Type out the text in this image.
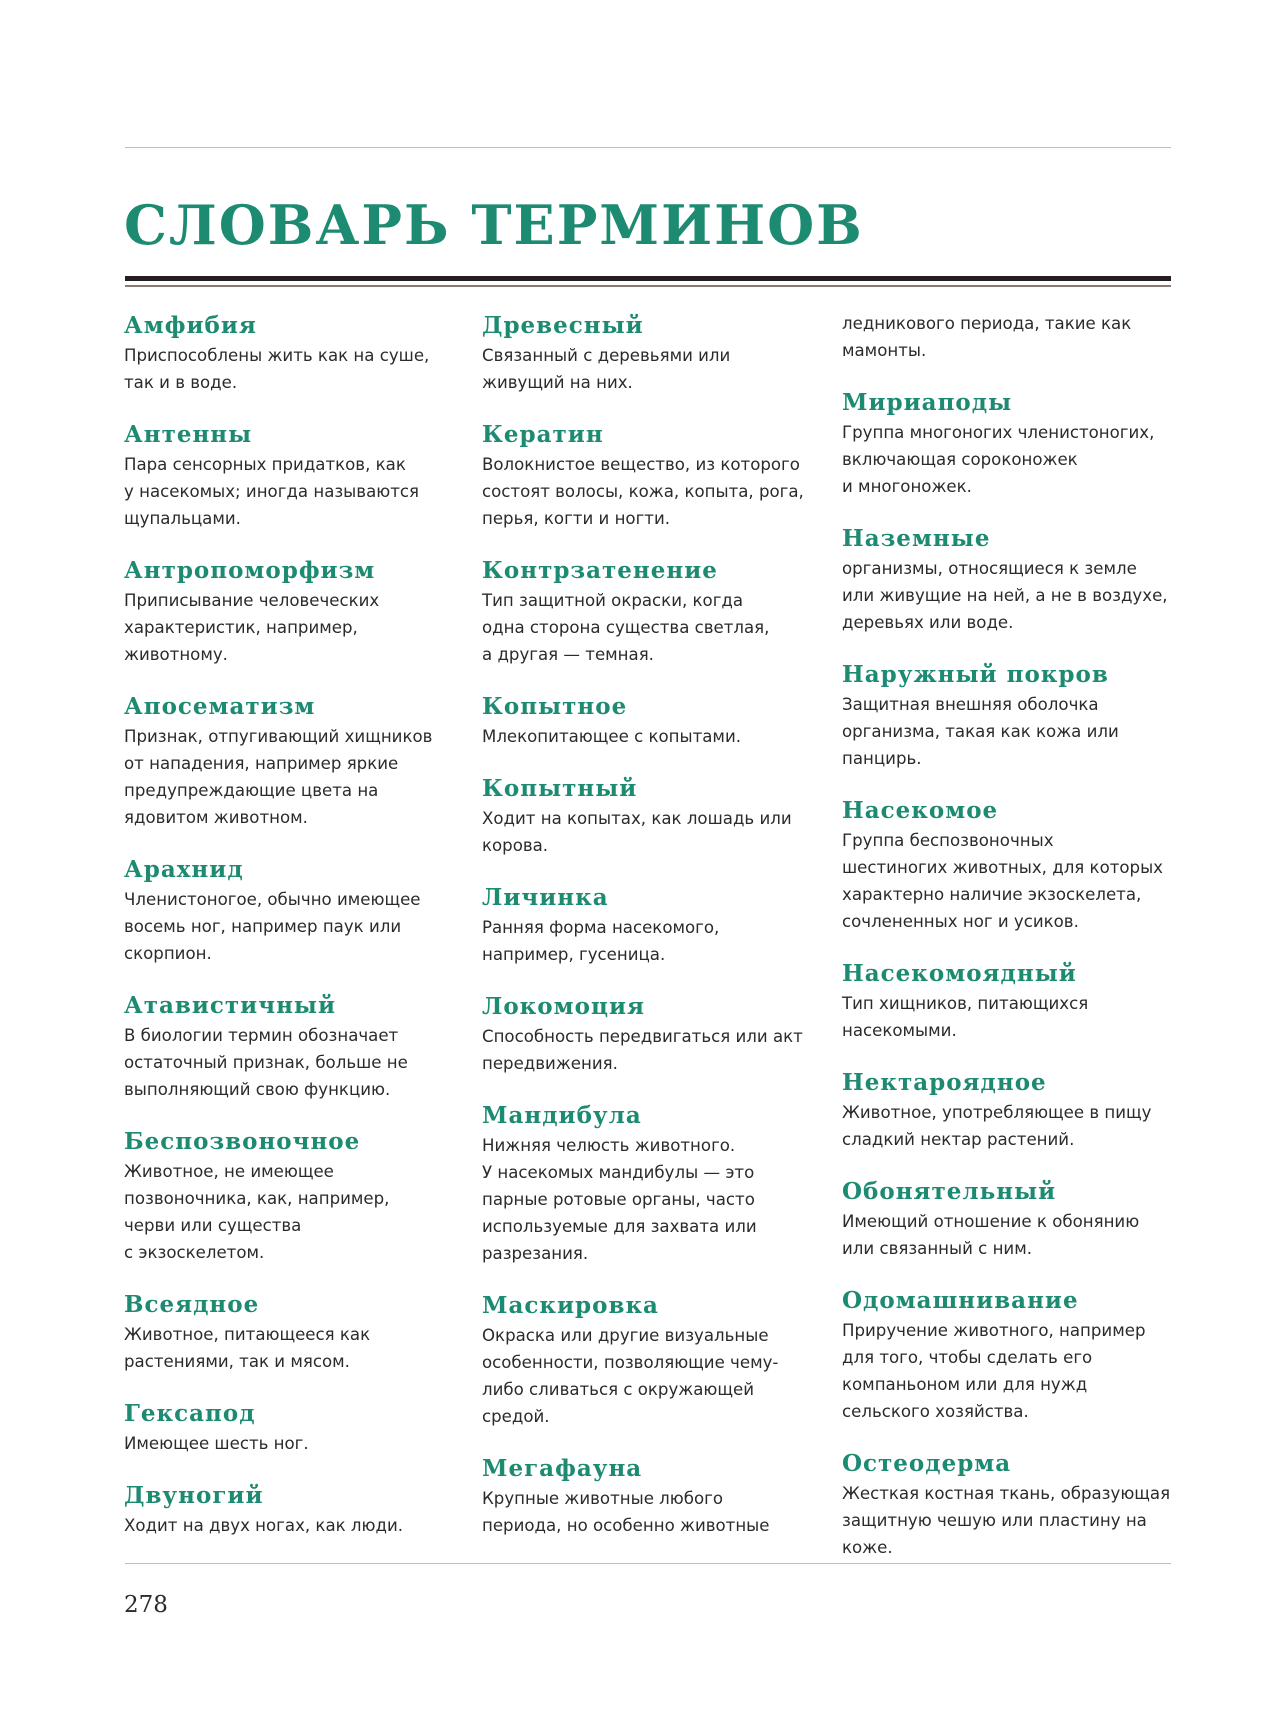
СЛОВАРЬ ТЕРМИНОВ
Амфибия
Приспособлены жить как на суше,
так и в воде.
Антенны
Пара сенсорных придатков, как
у насекомых; иногда называются
щупальцами.
Антропоморфизм
Приписывание человеческих
характеристик, например,
животному.
Апосематизм
Признак, отпугивающий хищников
от нападения, например яркие
предупреждающие цвета на
ядовитом животном.
Арахнид
Членистоногое, обычно имеющее
восемь ног, например паук или
скорпион.
Атавистичный
В биологии термин обозначает
остаточный признак, больше не
выполняющий свою функцию.
Беспозвоночное
Животное, не имеющее
позвоночника, как, например,
черви или существа
с экзоскелетом.
Всеядное
Животное, питающееся как
растениями, так и мясом.
Гексапод
Имеющее шесть ног.
Двуногий
Ходит на двух ногах, как люди.
Древесный
Связанный с деревьями или
живущий на них.
Кератин
Волокнистое вещество, из которого
состоят волосы, кожа, копыта, рога,
перья, когти и ногти.
Контрзатенение
Тип защитной окраски, когда
одна сторона существа светлая,
а другая — темная.
Копытное
Млекопитающее с копытами.
Копытный
Ходит на копытах, как лошадь или
корова.
Личинка
Ранняя форма насекомого,
например, гусеница.
Локомоция
Способность передвигаться или акт
передвижения.
Мандибула
Нижняя челюсть животного.
У насекомых мандибулы — это
парные ротовые органы, часто
используемые для захвата или
разрезания.
Маскировка
Окраска или другие визуальные
особенности, позволяющие чему-
либо сливаться с окружающей
средой.
Мегафауна
Крупные животные любого
периода, но особенно животные
ледникового периода, такие как
мамонты.
Мириаподы
Группа многоногих членистоногих,
включающая сороконожек
и многоножек.
Наземные
организмы, относящиеся к земле
или живущие на ней, а не в воздухе,
деревьях или воде.
Наружный покров
Защитная внешняя оболочка
организма, такая как кожа или
панцирь.
Насекомое
Группа беспозвоночных
шестиногих животных, для которых
характерно наличие экзоскелета,
сочлененных ног и усиков.
Насекомоядный
Тип хищников, питающихся
насекомыми.
Нектароядное
Животное, употребляющее в пищу
сладкий нектар растений.
Обонятельный
Имеющий отношение к обонянию
или связанный с ним.
Одомашнивание
Приручение животного, например
для того, чтобы сделать его
компаньоном или для нужд
сельского хозяйства.
Остеодерма
Жесткая костная ткань, образующая
защитную чешую или пластину на
коже.
278
